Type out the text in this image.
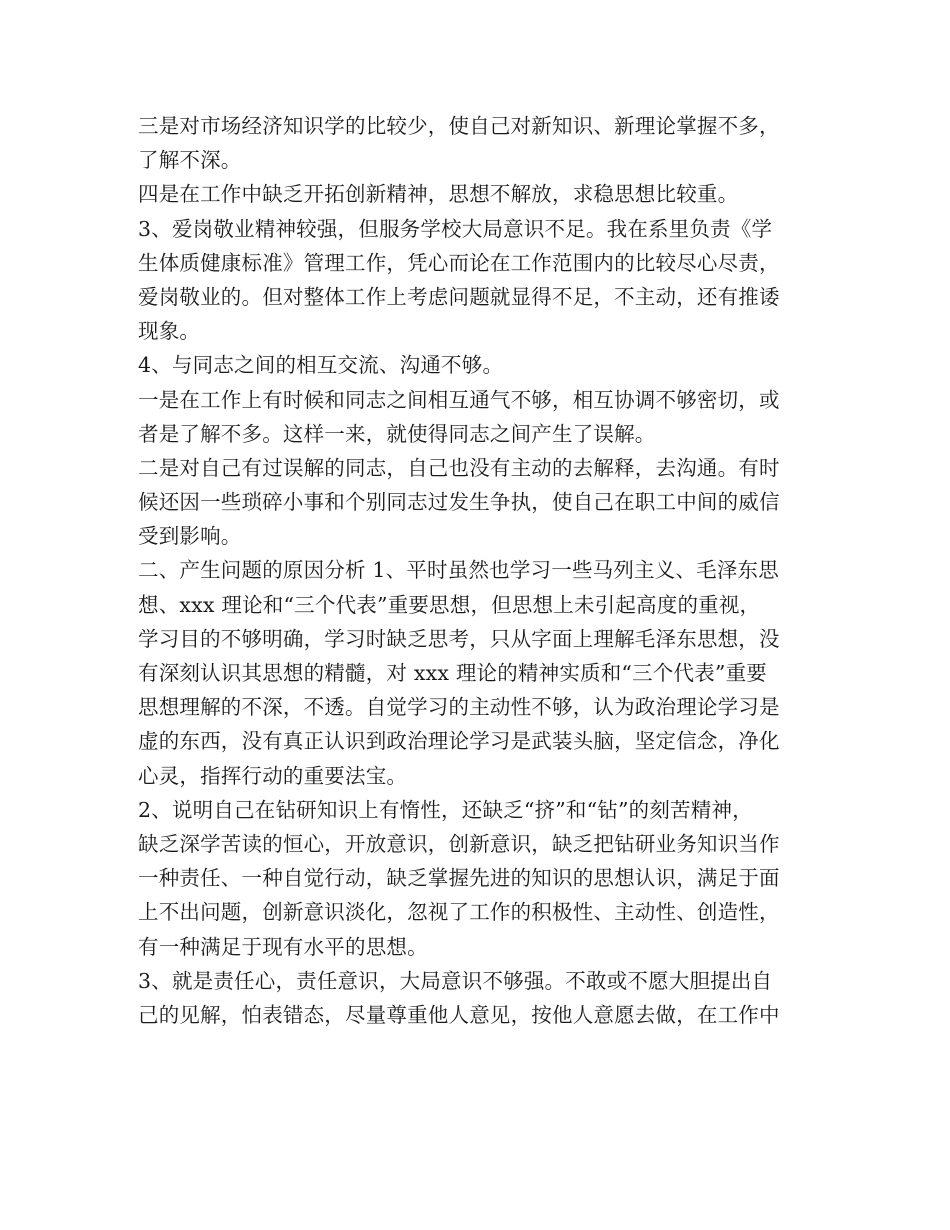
三是对市场经济知识学的比较少，使自己对新知识、新理论掌握不多，
了解不深。
四是在工作中缺乏开拓创新精神，思想不解放，求稳思想比较重。
3、爱岗敬业精神较强，但服务学校大局意识不足。我在系里负责《学
生体质健康标准》管理工作，凭心而论在工作范围内的比较尽心尽责，
爱岗敬业的。但对整体工作上考虑问题就显得不足，不主动，还有推诿
现象。
4、与同志之间的相互交流、沟通不够。
一是在工作上有时候和同志之间相互通气不够，相互协调不够密切，或
者是了解不多。这样一来，就使得同志之间产生了误解。
二是对自己有过误解的同志，自己也没有主动的去解释，去沟通。有时
候还因一些琐碎小事和个别同志过发生争执，使自己在职工中间的威信
受到影响。
二、产生问题的原因分析 1、平时虽然也学习一些马列主义、毛泽东思
想、xxx 理论和“三个代表”重要思想，但思想上未引起高度的重视，
学习目的不够明确，学习时缺乏思考，只从字面上理解毛泽东思想，没
有深刻认识其思想的精髓，对 xxx 理论的精神实质和“三个代表”重要
思想理解的不深，不透。自觉学习的主动性不够，认为政治理论学习是
虚的东西，没有真正认识到政治理论学习是武装头脑，坚定信念，净化
心灵，指挥行动的重要法宝。
2、说明自己在钻研知识上有惰性，还缺乏“挤”和“钻”的刻苦精神，
缺乏深学苦读的恒心，开放意识，创新意识，缺乏把钻研业务知识当作
一种责任、一种自觉行动，缺乏掌握先进的知识的思想认识，满足于面
上不出问题，创新意识淡化，忽视了工作的积极性、主动性、创造性，
有一种满足于现有水平的思想。
3、就是责任心，责任意识，大局意识不够强。不敢或不愿大胆提出自
己的见解，怕表错态，尽量尊重他人意见，按他人意愿去做，在工作中
